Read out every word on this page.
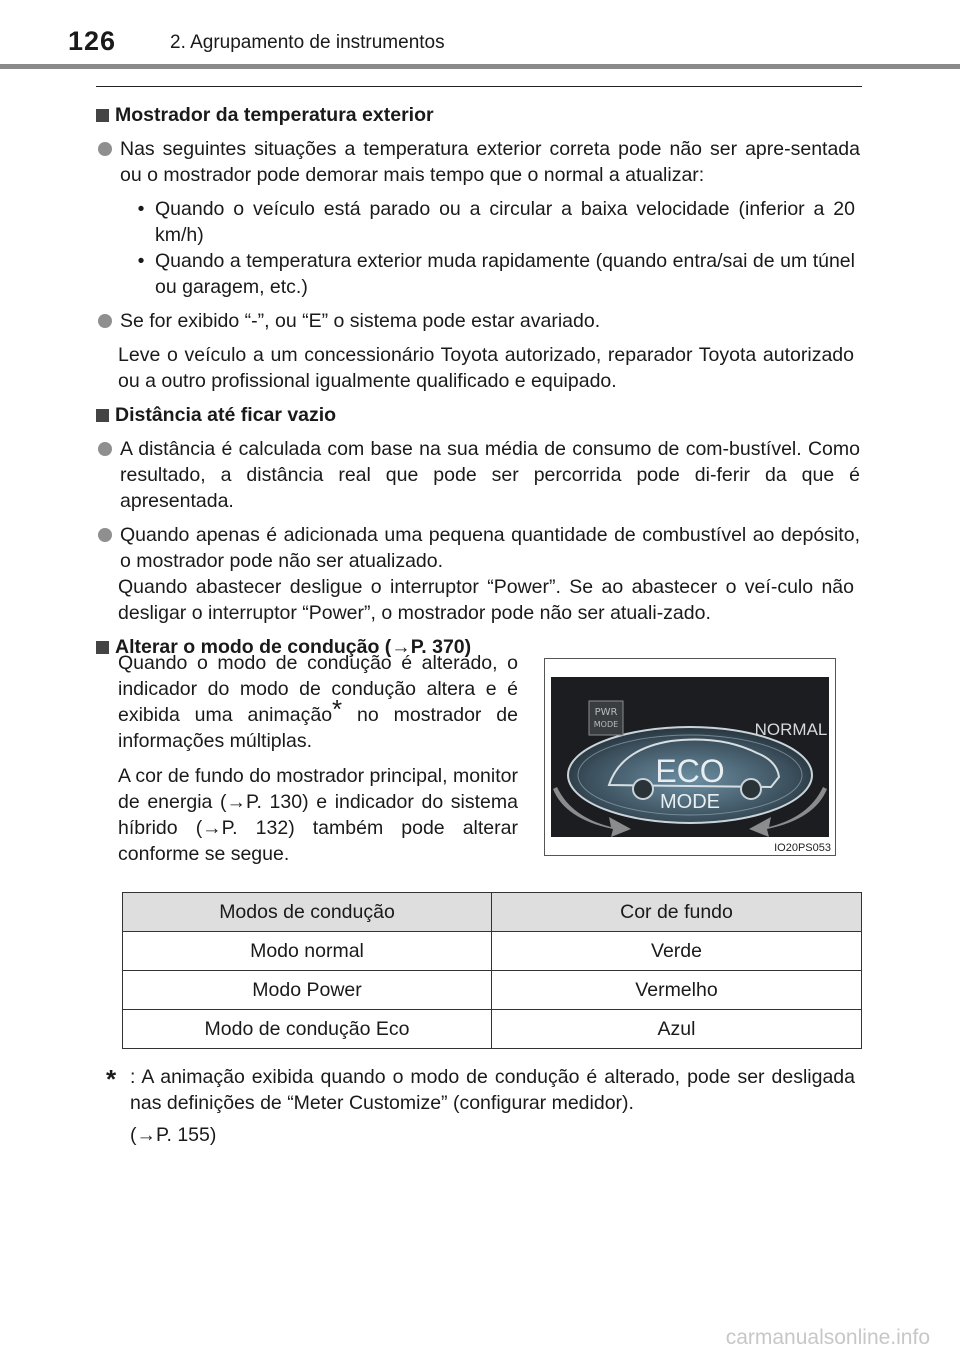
126	2. Agrupamento de instrumentos
Mostrador da temperatura exterior
Nas seguintes situações a temperatura exterior correta pode não ser apre-sentada ou o mostrador pode demorar mais tempo que o normal a atualizar:
• Quando o veículo está parado ou a circular a baixa velocidade (inferior a 20 km/h)
• Quando a temperatura exterior muda rapidamente (quando entra/sai de um túnel ou garagem, etc.)
Se for exibido “-”, ou “E” o sistema pode estar avariado.
Leve o veículo a um concessionário Toyota autorizado, reparador Toyota autorizado ou a outro profissional igualmente qualificado e equipado.
Distância até ficar vazio
A distância é calculada com base na sua média de consumo de com-bustível. Como resultado, a distância real que pode ser percorrida pode di-ferir da que é apresentada.
Quando apenas é adicionada uma pequena quantidade de combustível ao depósito, o mostrador pode não ser atualizado.
Quando abastecer desligue o interruptor “Power”. Se ao abastecer o veí-culo não desligar o interruptor “Power”, o mostrador pode não ser atuali-zado.
Alterar o modo de condução (→P. 370)

Quando o modo de condução é alterado, o indicador do modo de condução altera e é exibida uma animação* no mostrador de informações múltiplas.

A cor de fundo do mostrador principal, monitor de energia (→P. 130) e indicador do sistema híbrido (→P. 132) também pode alterar conforme se segue.

PWR
MODE	NORMAL
ECO
MODE
IO20PS053
Modos de condução	Cor de fundo
Modo normal	Verde
Modo Power	Vermelho
Modo de condução Eco	Azul
* : A animação exibida quando o modo de condução é alterado, pode ser desligada nas definições de “Meter Customize” (configurar medidor).
(→P. 155)
carmanualsonline.info
